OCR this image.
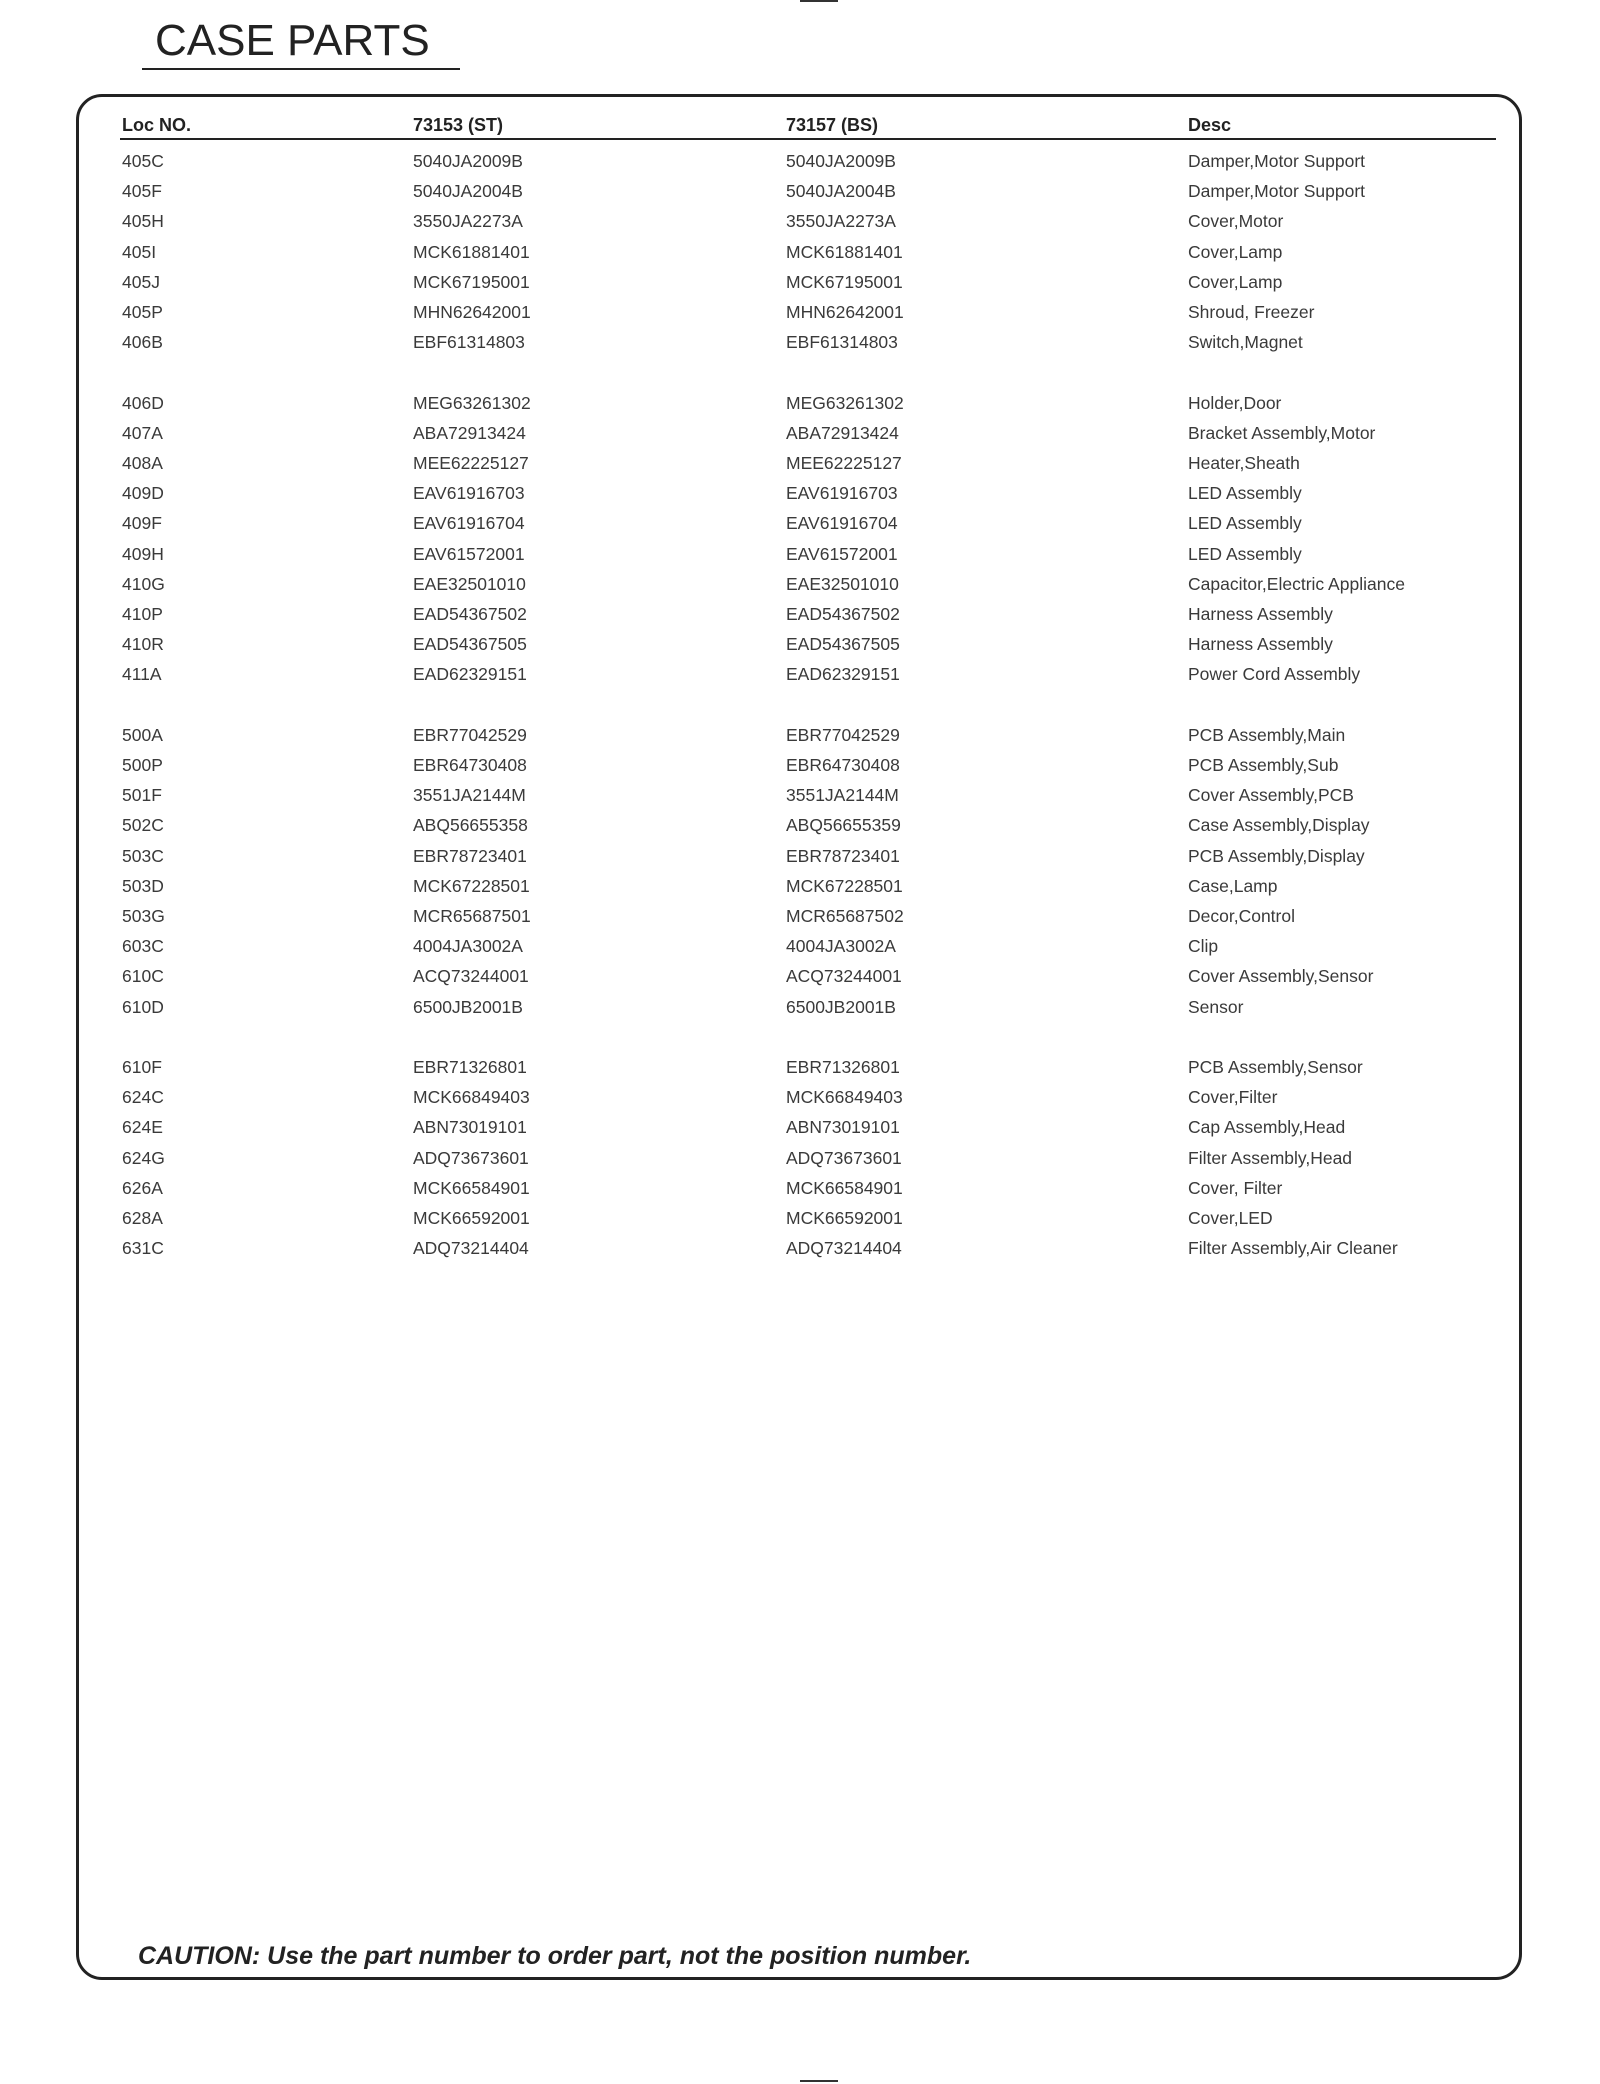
CASE PARTS
Loc NO.	73153 (ST)	73157 (BS)	Desc
405C	5040JA2009B	5040JA2009B	Damper,Motor Support
405F	5040JA2004B	5040JA2004B	Damper,Motor Support
405H	3550JA2273A	3550JA2273A	Cover,Motor
405I	MCK61881401	MCK61881401	Cover,Lamp
405J	MCK67195001	MCK67195001	Cover,Lamp
405P	MHN62642001	MHN62642001	Shroud, Freezer
406B	EBF61314803	EBF61314803	Switch,Magnet

406D	MEG63261302	MEG63261302	Holder,Door
407A	ABA72913424	ABA72913424	Bracket Assembly,Motor
408A	MEE62225127	MEE62225127	Heater,Sheath
409D	EAV61916703	EAV61916703	LED Assembly
409F	EAV61916704	EAV61916704	LED Assembly
409H	EAV61572001	EAV61572001	LED Assembly
410G	EAE32501010	EAE32501010	Capacitor,Electric Appliance
410P	EAD54367502	EAD54367502	Harness Assembly
410R	EAD54367505	EAD54367505	Harness Assembly
411A	EAD62329151	EAD62329151	Power Cord Assembly

500A	EBR77042529	EBR77042529	PCB Assembly,Main
500P	EBR64730408	EBR64730408	PCB Assembly,Sub
501F	3551JA2144M	3551JA2144M	Cover Assembly,PCB
502C	ABQ56655358	ABQ56655359	Case Assembly,Display
503C	EBR78723401	EBR78723401	PCB Assembly,Display
503D	MCK67228501	MCK67228501	Case,Lamp
503G	MCR65687501	MCR65687502	Decor,Control
603C	4004JA3002A	4004JA3002A	Clip
610C	ACQ73244001	ACQ73244001	Cover Assembly,Sensor
610D	6500JB2001B	6500JB2001B	Sensor

610F	EBR71326801	EBR71326801	PCB Assembly,Sensor
624C	MCK66849403	MCK66849403	Cover,Filter
624E	ABN73019101	ABN73019101	Cap Assembly,Head
624G	ADQ73673601	ADQ73673601	Filter Assembly,Head
626A	MCK66584901	MCK66584901	Cover, Filter
628A	MCK66592001	MCK66592001	Cover,LED
631C	ADQ73214404	ADQ73214404	Filter Assembly,Air Cleaner

CAUTION: Use the part number to order part, not the position number.
